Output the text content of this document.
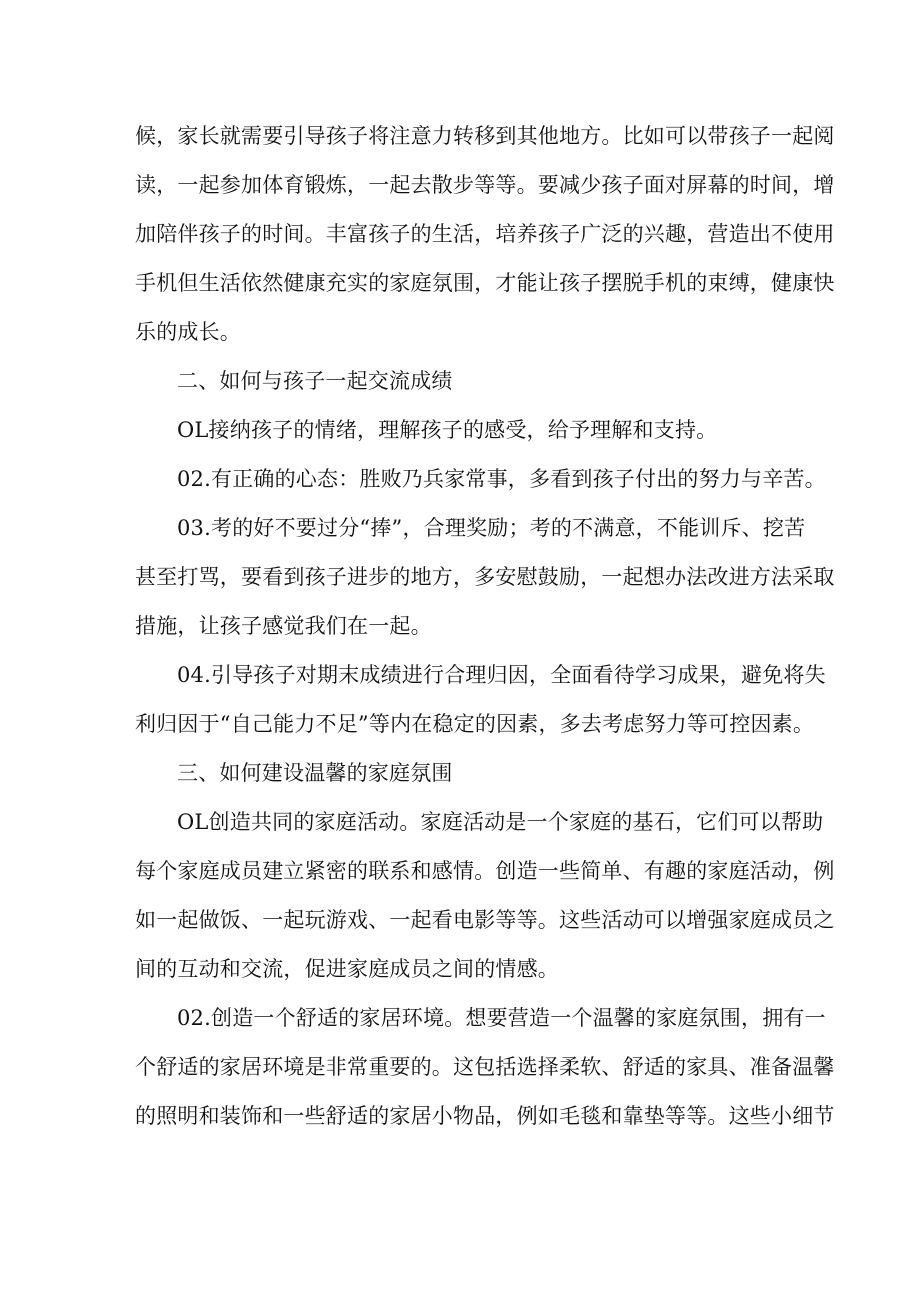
候，家长就需要引导孩子将注意力转移到其他地方。比如可以带孩子一起阅
读，一起参加体育锻炼，一起去散步等等。要减少孩子面对屏幕的时间，增
加陪伴孩子的时间。丰富孩子的生活，培养孩子广泛的兴趣，营造出不使用
手机但生活依然健康充实的家庭氛围，才能让孩子摆脱手机的束缚，健康快
乐的成长。
二、如何与孩子一起交流成绩
OL接纳孩子的情绪，理解孩子的感受，给予理解和支持。
02.有正确的心态：胜败乃兵家常事，多看到孩子付出的努力与辛苦。
03.考的好不要过分“捧”，合理奖励；考的不满意，不能训斥、挖苦
甚至打骂，要看到孩子进步的地方，多安慰鼓励，一起想办法改进方法采取
措施，让孩子感觉我们在一起。
04.引导孩子对期末成绩进行合理归因，全面看待学习成果，避免将失
利归因于“自己能力不足”等内在稳定的因素，多去考虑努力等可控因素。
三、如何建设温馨的家庭氛围
OL创造共同的家庭活动。家庭活动是一个家庭的基石，它们可以帮助
每个家庭成员建立紧密的联系和感情。创造一些简单、有趣的家庭活动，例
如一起做饭、一起玩游戏、一起看电影等等。这些活动可以增强家庭成员之
间的互动和交流，促进家庭成员之间的情感。
02.创造一个舒适的家居环境。想要营造一个温馨的家庭氛围，拥有一
个舒适的家居环境是非常重要的。这包括选择柔软、舒适的家具、准备温馨
的照明和装饰和一些舒适的家居小物品，例如毛毯和靠垫等等。这些小细节
